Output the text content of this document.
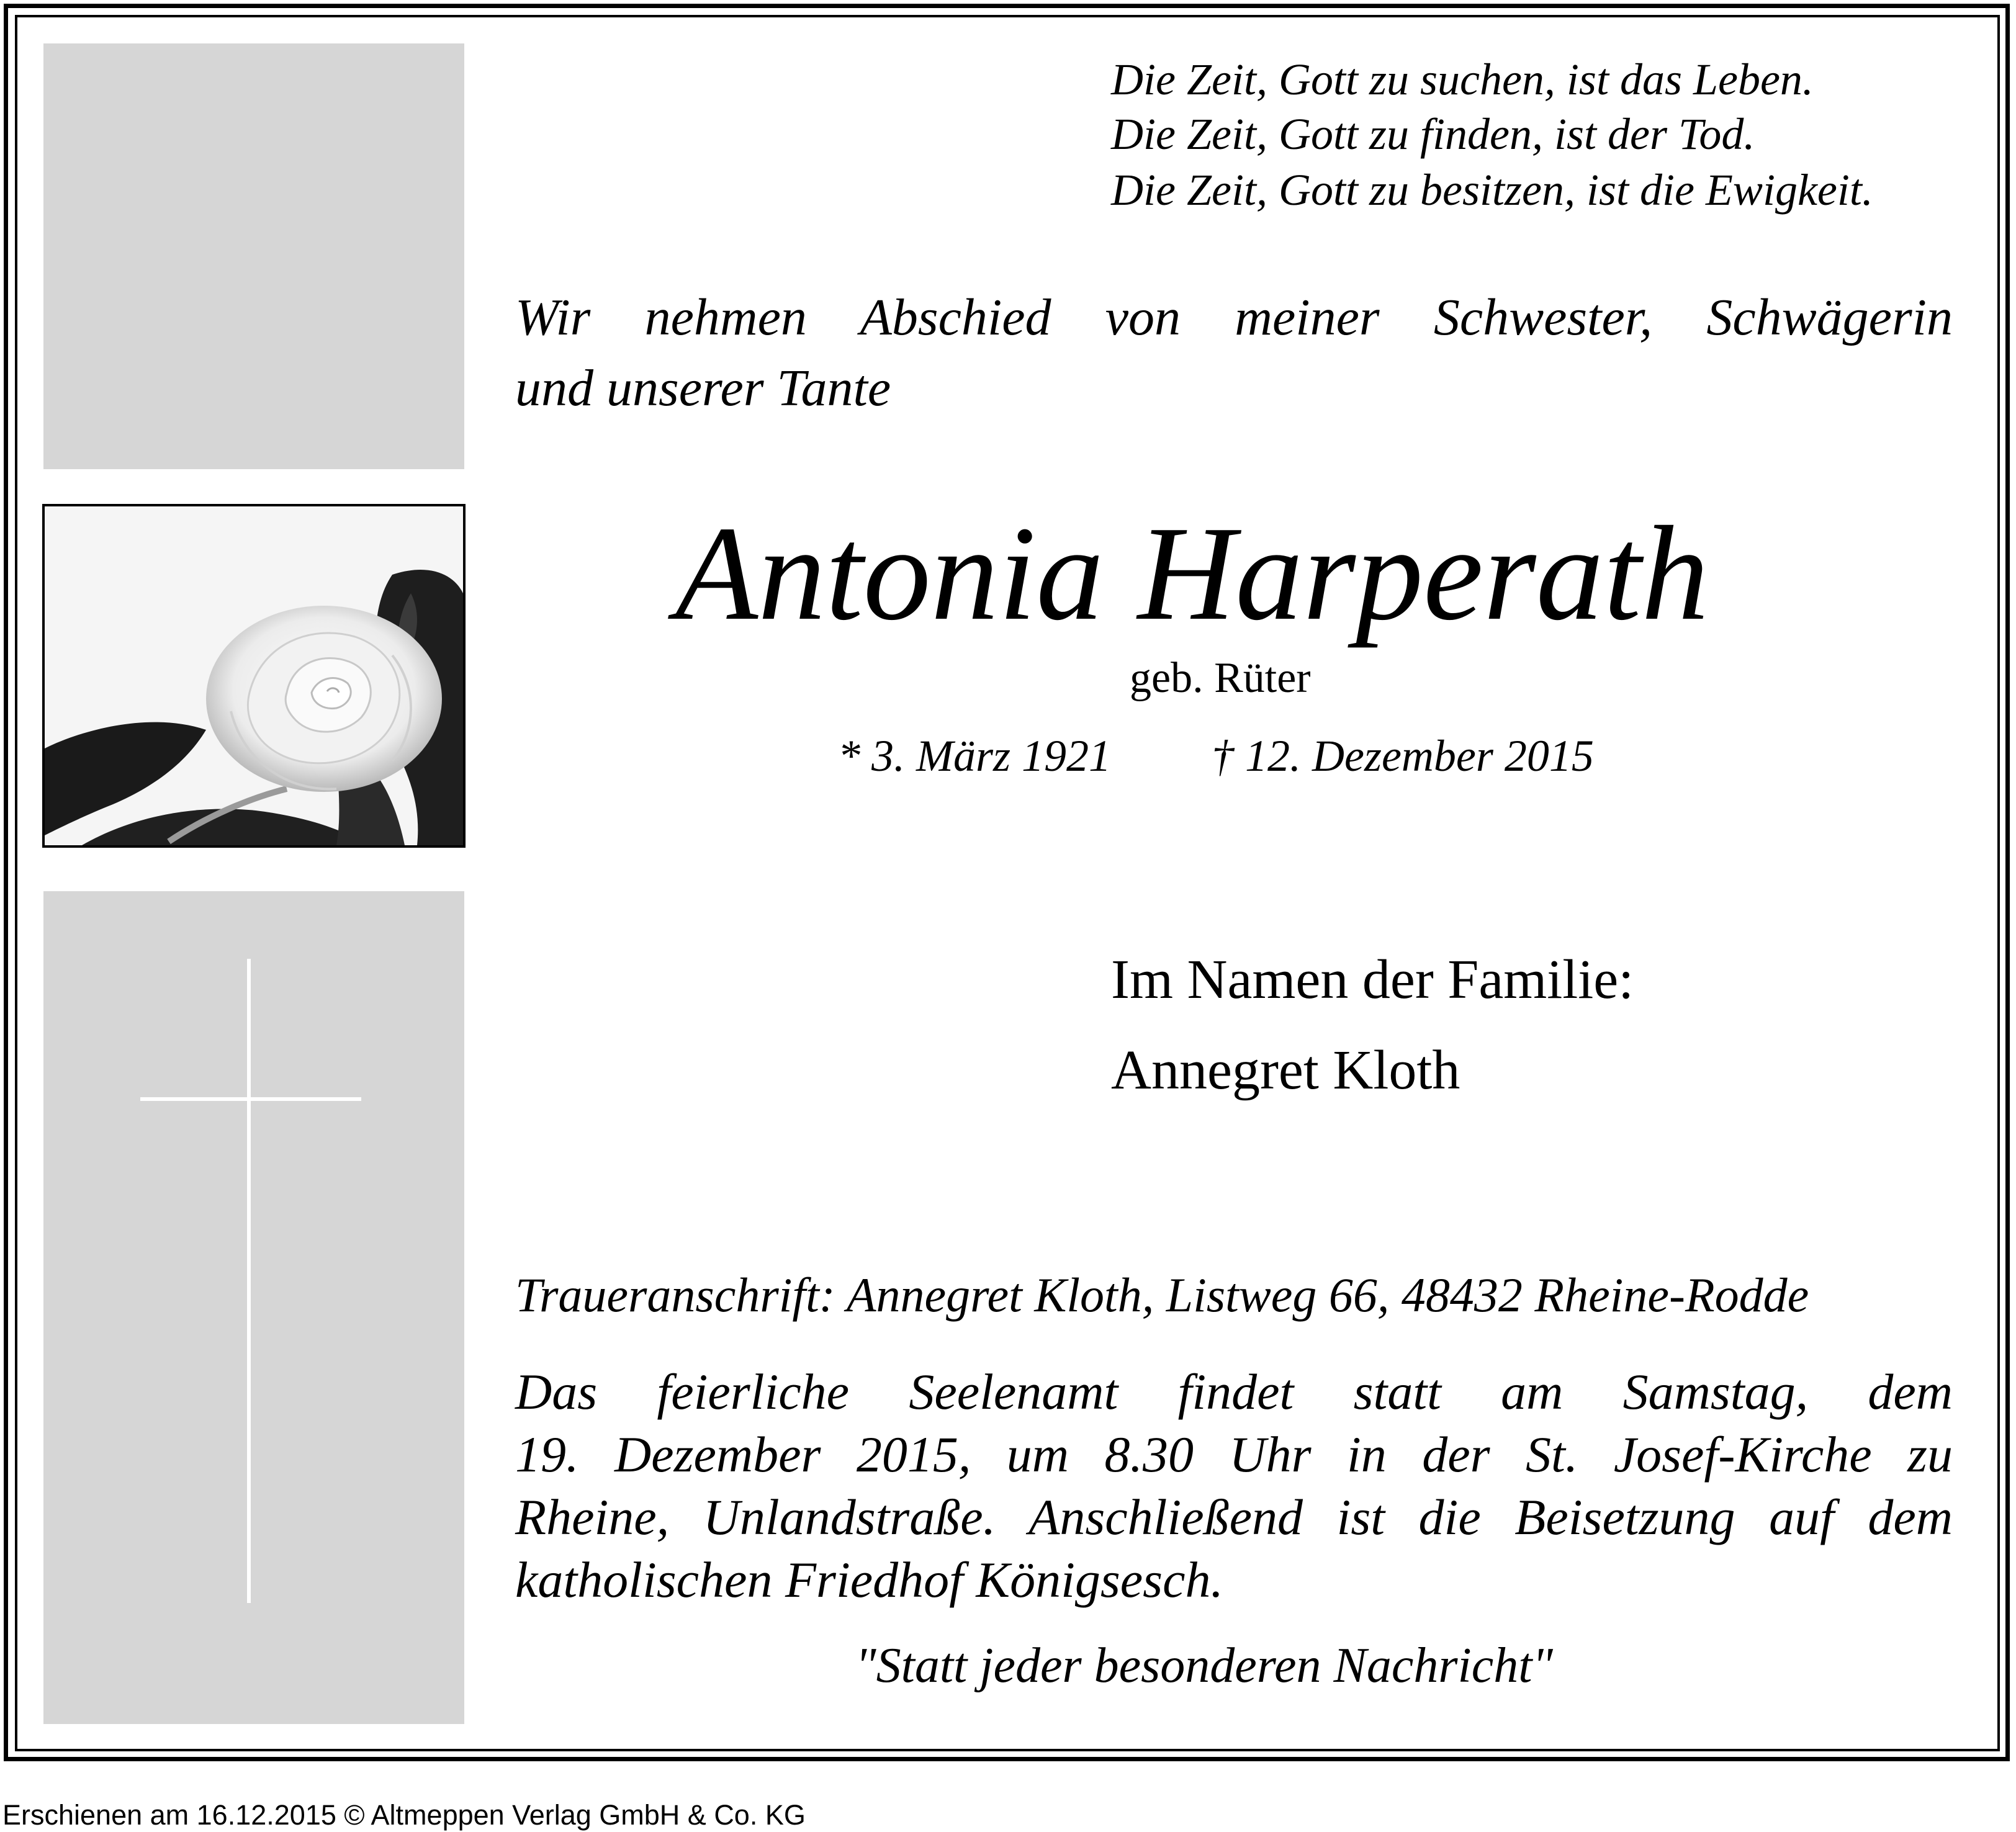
Die Zeit, Gott zu suchen, ist das Leben.
Die Zeit, Gott zu finden, ist der Tod.
Die Zeit, Gott zu besitzen, ist die Ewigkeit.
Wir nehmen Abschied von meiner Schwester, Schwägerin
und unserer Tante
Antonia Harperath
geb. Rüter
* 3. März 1921 † 12. Dezember 2015
Im Namen der Familie:
Annegret Kloth
Traueranschrift: Annegret Kloth, Listweg 66, 48432 Rheine-Rodde
Das feierliche Seelenamt findet statt am Samstag, dem
19. Dezember 2015, um 8.30 Uhr in der St. Josef-Kirche zu
Rheine, Unlandstraße. Anschließend ist die Beisetzung auf dem
katholischen Friedhof Königsesch.
"Statt jeder besonderen Nachricht"
Erschienen am 16.12.2015 © Altmeppen Verlag GmbH & Co. KG
